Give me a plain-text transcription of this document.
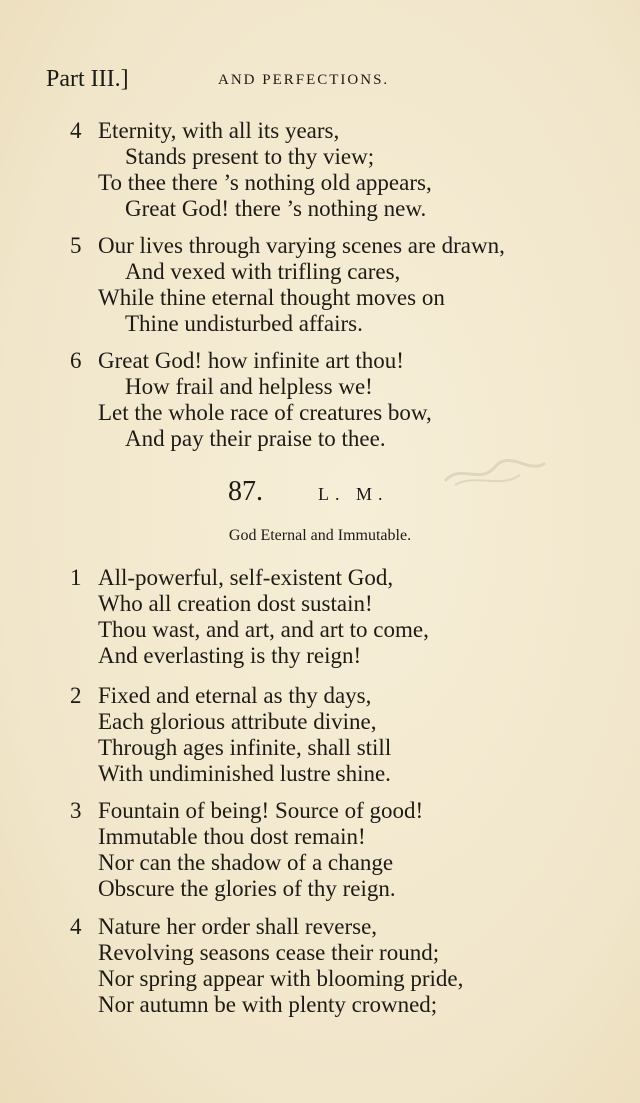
Part III.]	AND PERFECTIONS.
4 Eternity, with all its years,
Stands present to thy view;
To thee there ’s nothing old appears,
Great God! there ’s nothing new.
5 Our lives through varying scenes are drawn,
And vexed with trifling cares,
While thine eternal thought moves on
Thine undisturbed affairs.
6 Great God! how infinite art thou!
How frail and helpless we!
Let the whole race of creatures bow,
And pay their praise to thee.
87.	L. M.
God Eternal and Immutable.
1 All-powerful, self-existent God,
Who all creation dost sustain!
Thou wast, and art, and art to come,
And everlasting is thy reign!
2 Fixed and eternal as thy days,
Each glorious attribute divine,
Through ages infinite, shall still
With undiminished lustre shine.
3 Fountain of being! Source of good!
Immutable thou dost remain!
Nor can the shadow of a change
Obscure the glories of thy reign.
4 Nature her order shall reverse,
Revolving seasons cease their round;
Nor spring appear with blooming pride,
Nor autumn be with plenty crowned;
